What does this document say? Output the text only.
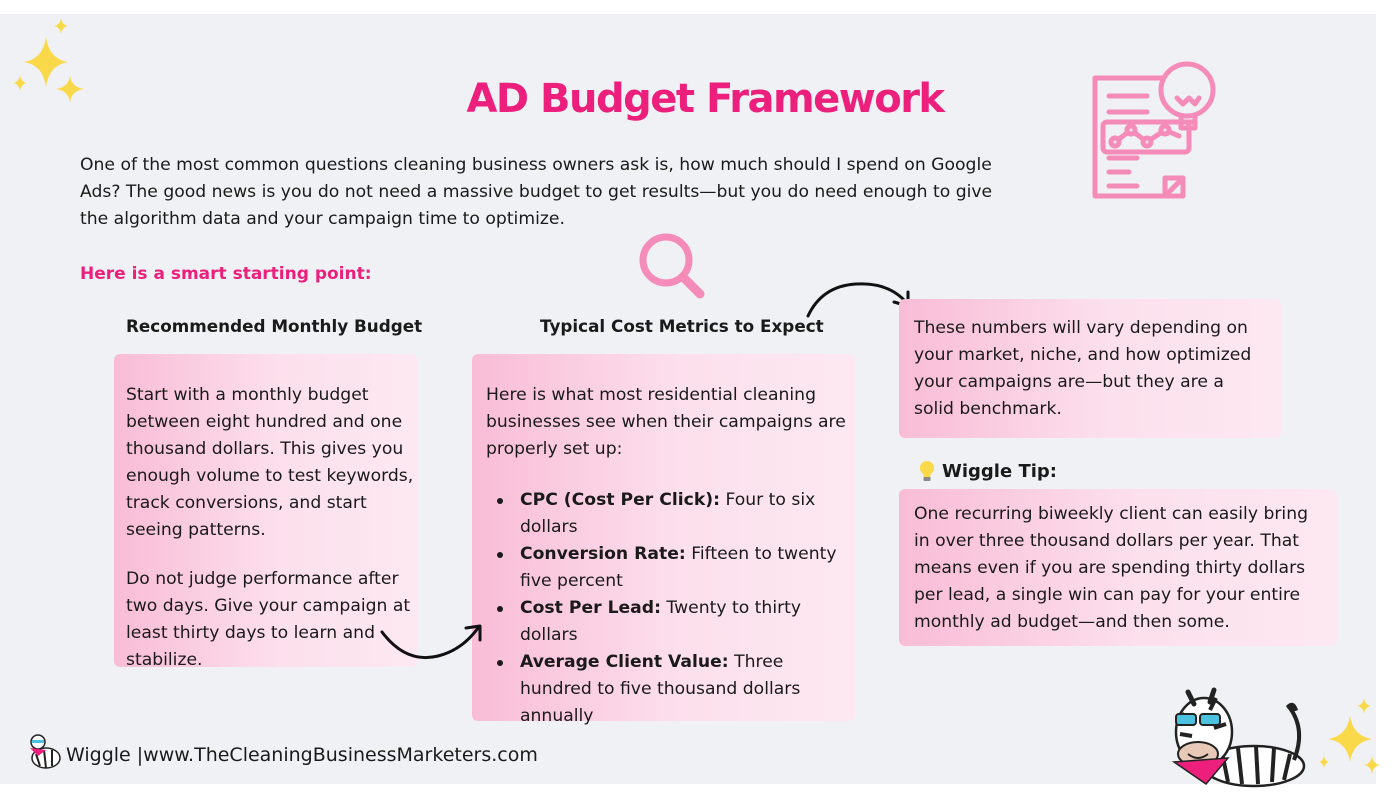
AD Budget Framework
One of the most common questions cleaning business owners ask is, how much should I spend on Google Ads? The good news is you do not need a massive budget to get results—but you do need enough to give the algorithm data and your campaign time to optimize.
Here is a smart starting point:
Recommended Monthly Budget

Start with a monthly budget between eight hundred and one thousand dollars. This gives you enough volume to test keywords, track conversions, and start seeing patterns.

Do not judge performance after two days. Give your campaign at least thirty days to learn and stabilize.

Typical Cost Metrics to Expect

Here is what most residential cleaning businesses see when their campaigns are properly set up:

CPC (Cost Per Click): Four to six dollars
Conversion Rate: Fifteen to twenty five percent
Cost Per Lead: Twenty to thirty dollars
Average Client Value: Three hundred to five thousand dollars annually
These numbers will vary depending on your market, niche, and how optimized your campaigns are—but they are a solid benchmark.
Wiggle Tip:
One recurring biweekly client can easily bring in over three thousand dollars per year. That means even if you are spending thirty dollars per lead, a single win can pay for your entire monthly ad budget—and then some.
Wiggle |www.TheCleaningBusinessMarketers.com
